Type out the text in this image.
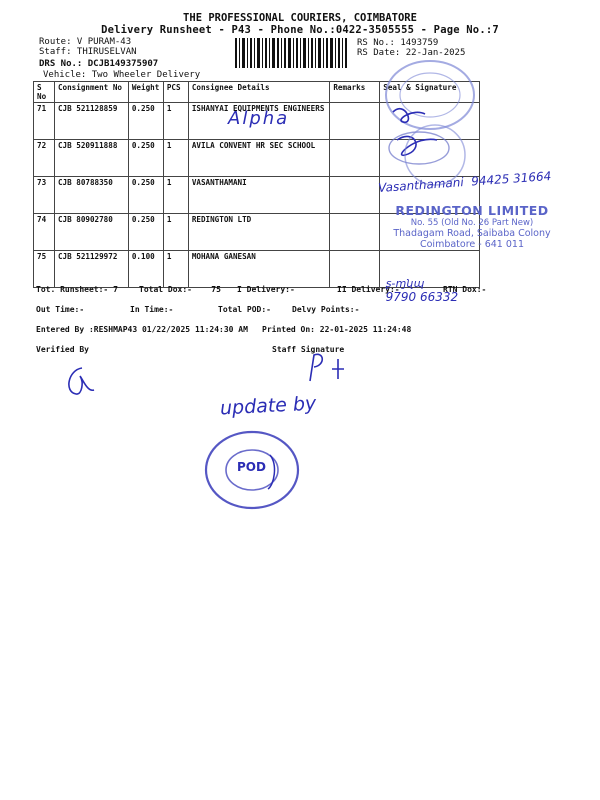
THE PROFESSIONAL COURIERS, COIMBATORE
Delivery Runsheet - P43 - Phone No.:0422-3505555 - Page No.:7
Route: V PURAM-43
Staff: THIRUSELVAN
DRS No.: DCJB149375907
Vehicle: Two Wheeler Delivery
RS No.: 1493759
RS Date: 22-Jan-2025
S No	Consignment No	Weight	PCS	Consignee Details	Remarks	Seal & Signature
71	CJB 521128859	0.250	1	ISHANYAI EQUIPMENTS ENGINEERS		
72	CJB 520911888	0.250	1	AVILA CONVENT HR SEC SCHOOL		
73	CJB 80788350	0.250	1	VASANTHAMANI		
74	CJB 80902780	0.250	1	REDINGTON LTD		
75	CJB 521129972	0.100	1	MOHANA GANESAN		
Tot. Runsheet:- 7	Total Dox:-    75 I Delivery:-	II Delivery:-	RTN Dox:-
Out Time:-	In Time:-	Total POD:-	Delvy Points:-
Entered By :RESHMAP43 01/22/2025 11:24:30 AM Printed On: 22-01-2025 11:24:48
Verified By	Staff Signature
Alpha
Vasanthamani  94425 31664
REDINGTON LIMITED
No. 55 (Old No. 26 Part New)
Thadagam Road, Saibaba Colony
Coimbatore - 641 011

ʂ-ɱʯɰ
9790 66332

update by
POD
